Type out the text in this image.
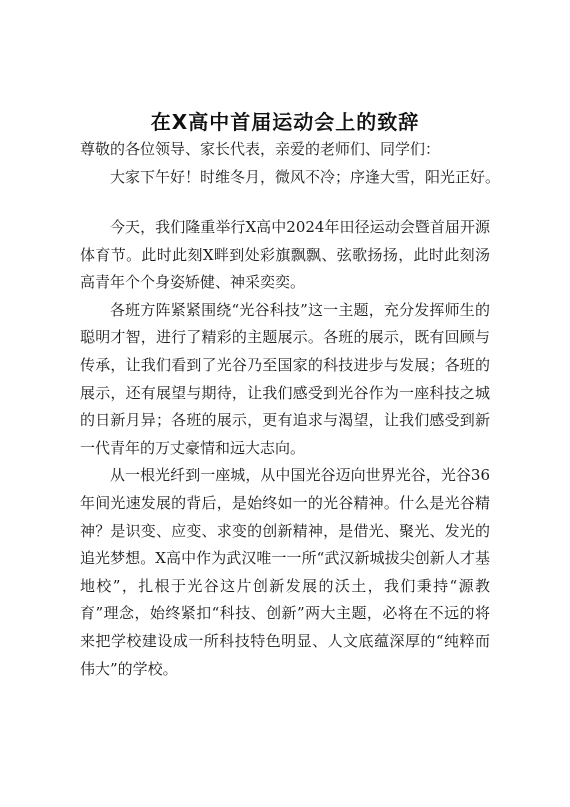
在X高中首届运动会上的致辞
尊敬的各位领导、家长代表，亲爱的老师们、同学们：
大家下午好！时维冬月，微风不冷；序逢大雪，阳光正好。

今天，我们隆重举行X高中2024年田径运动会暨首届开源体育节。此时此刻X畔到处彩旗飘飘、弦歌扬扬，此时此刻汤高青年个个身姿矫健、神采奕奕。

各班方阵紧紧围绕“光谷科技”这一主题，充分发挥师生的聪明才智，进行了精彩的主题展示。各班的展示，既有回顾与传承，让我们看到了光谷乃至国家的科技进步与发展；各班的展示，还有展望与期待，让我们感受到光谷作为一座科技之城的日新月异；各班的展示，更有追求与渴望，让我们感受到新一代青年的万丈豪情和远大志向。

从一根光纤到一座城，从中国光谷迈向世界光谷，光谷36年间光速发展的背后，是始终如一的光谷精神。什么是光谷精神？是识变、应变、求变的创新精神，是借光、聚光、发光的追光梦想。X高中作为武汉唯一一所“武汉新城拔尖创新人才基地校”，扎根于光谷这片创新发展的沃土，我们秉持“源教育”理念，始终紧扣“科技、创新”两大主题，必将在不远的将来把学校建设成一所科技特色明显、人文底蕴深厚的“纯粹而伟大”的学校。
